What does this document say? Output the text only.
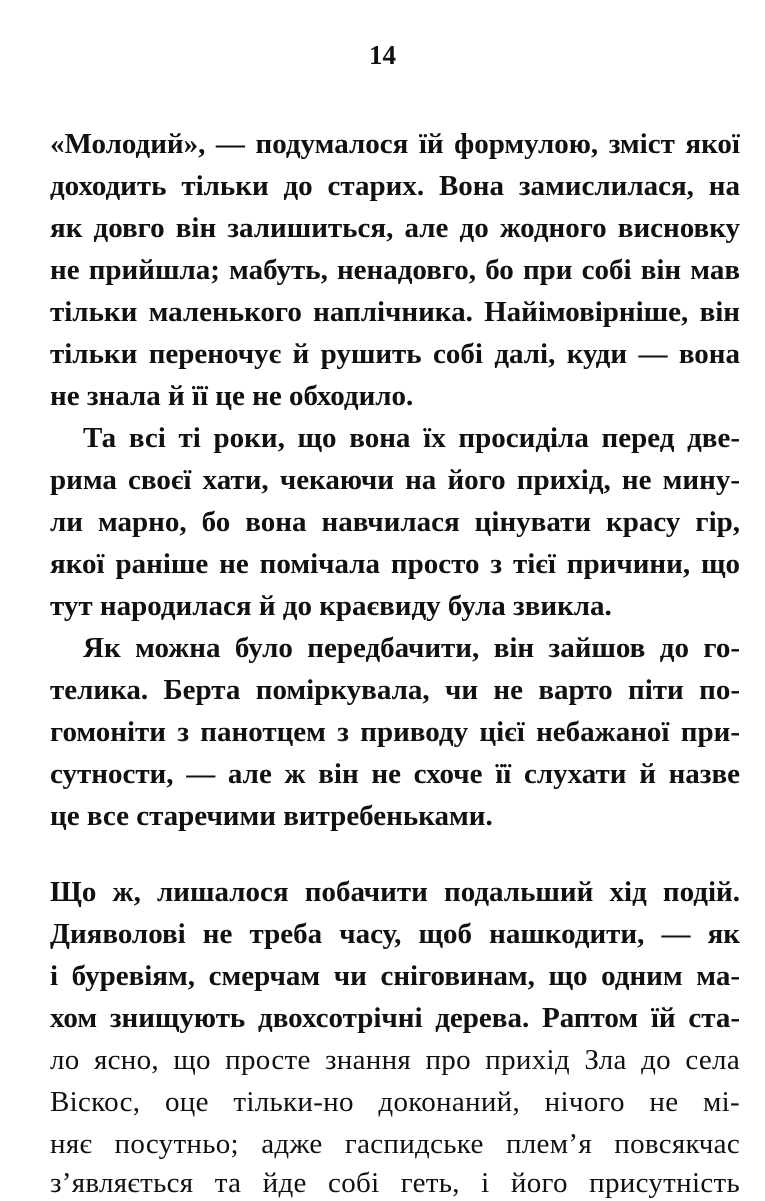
14
«Молодий», — подумалося їй формулою, зміст якої
доходить тільки до старих. Вона замислилася, на
як довго він залишиться, але до жодного висновку
не прийшла; мабуть, ненадовго, бо при собі він мав
тільки маленького наплічника. Найімовірніше, він
тільки переночує й рушить собі далі, куди — вона
не знала й її це не обходило.
Та всі ті роки, що вона їх просиділа перед две-
рима своєї хати, чекаючи на його прихід, не мину-
ли марно, бо вона навчилася цінувати красу гір,
якої раніше не помічала просто з тієї причини, що
тут народилася й до краєвиду була звикла.
Як можна було передбачити, він зайшов до го-
телика. Берта поміркувала, чи не варто піти по-
гомоніти з панотцем з приводу цієї небажаної при-
сутности, — але ж він не схоче її слухати й назве
це все старечими витребеньками.
Що ж, лишалося побачити подальший хід подій.
Дияволові не треба часу, щоб нашкодити, — як
і буревіям, смерчам чи сніговинам, що одним ма-
хом знищують двохсотрічні дерева. Раптом їй ста-
ло ясно, що просте знання про прихід Зла до села
Віскос, оце тільки-но доконаний, нічого не мі-
няє посутньо; адже гаспидське плем’я повсякчас
з’являється та йде собі геть, і його присутність
